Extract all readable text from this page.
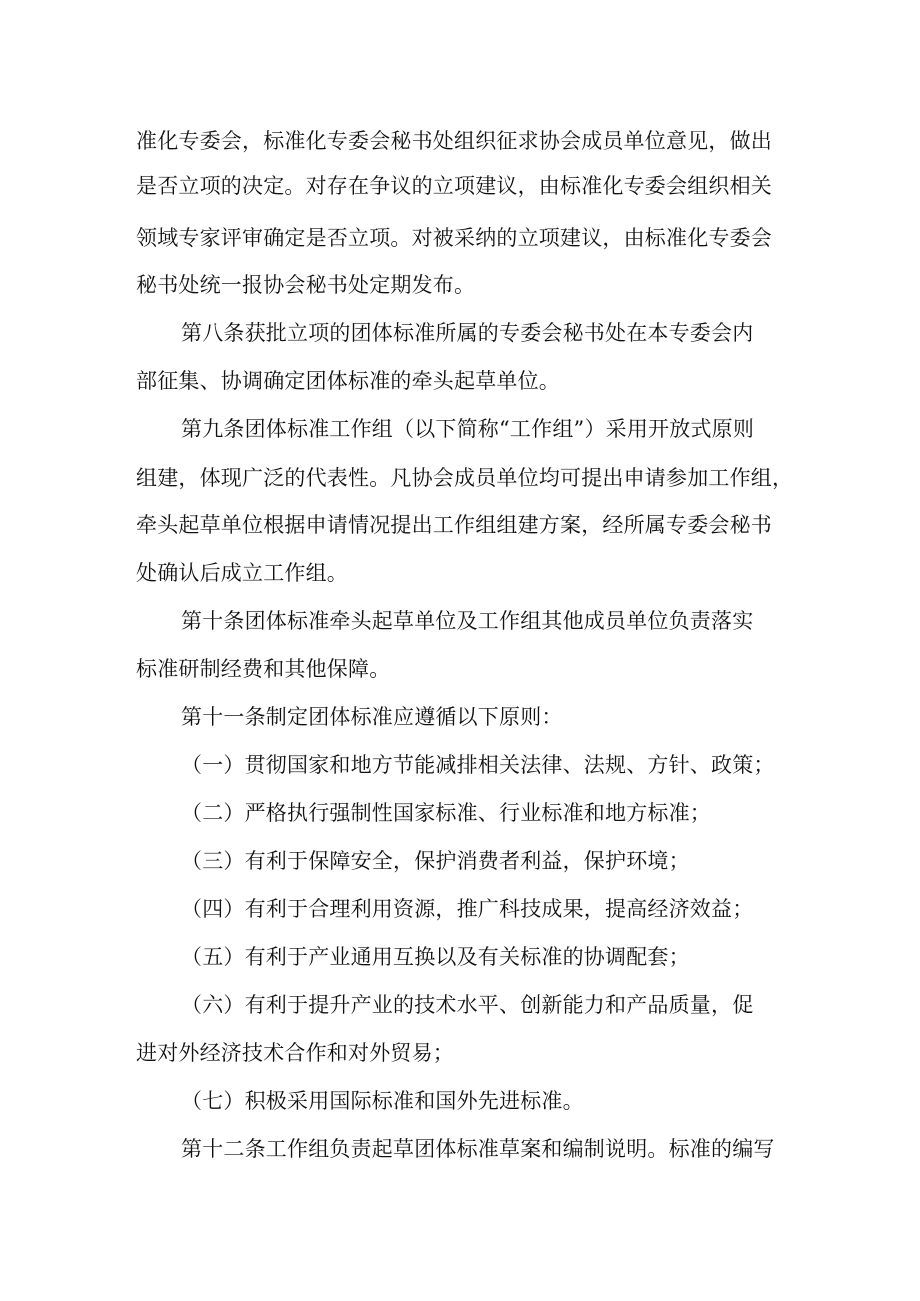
准化专委会，标准化专委会秘书处组织征求协会成员单位意见，做出
是否立项的决定。对存在争议的立项建议，由标准化专委会组织相关
领域专家评审确定是否立项。对被采纳的立项建议，由标准化专委会
秘书处统一报协会秘书处定期发布。
第八条获批立项的团体标准所属的专委会秘书处在本专委会内
部征集、协调确定团体标准的牵头起草单位。
第九条团体标准工作组（以下简称“工作组”）采用开放式原则
组建，体现广泛的代表性。凡协会成员单位均可提出申请参加工作组，
牵头起草单位根据申请情况提出工作组组建方案，经所属专委会秘书
处确认后成立工作组。
第十条团体标准牵头起草单位及工作组其他成员单位负责落实
标准研制经费和其他保障。
第十一条制定团体标准应遵循以下原则：
（一）贯彻国家和地方节能减排相关法律、法规、方针、政策；
（二）严格执行强制性国家标准、行业标准和地方标准；
（三）有利于保障安全，保护消费者利益，保护环境；
（四）有利于合理利用资源，推广科技成果，提高经济效益；
（五）有利于产业通用互换以及有关标准的协调配套；
（六）有利于提升产业的技术水平、创新能力和产品质量，促
进对外经济技术合作和对外贸易；
（七）积极采用国际标准和国外先进标准。
第十二条工作组负责起草团体标准草案和编制说明。标准的编写
